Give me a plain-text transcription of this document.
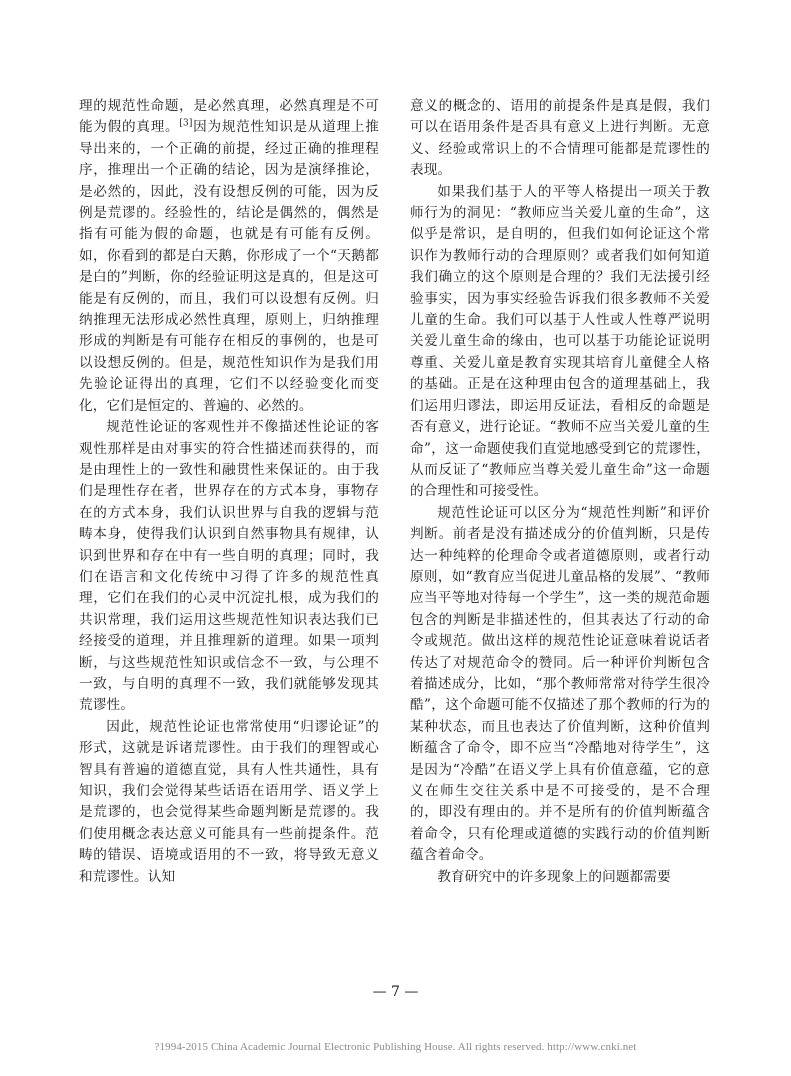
理的规范性命题，是必然真理，必然真理是不可能为假的真理。[3]因为规范性知识是从道理上推导出来的，一个正确的前提，经过正确的推理程序，推理出一个正确的结论，因为是演绎推论，是必然的，因此，没有设想反例的可能，因为反例是荒谬的。经验性的，结论是偶然的，偶然是指有可能为假的命题，也就是有可能有反例。如，你看到的都是白天鹅，你形成了一个“天鹅都是白的”判断，你的经验证明这是真的，但是这可能是有反例的，而且，我们可以设想有反例。归纳推理无法形成必然性真理，原则上，归纳推理形成的判断是有可能存在相反的事例的，也是可以设想反例的。但是，规范性知识作为是我们用先验论证得出的真理，它们不以经验变化而变化，它们是恒定的、普遍的、必然的。

规范性论证的客观性并不像描述性论证的客观性那样是由对事实的符合性描述而获得的，而是由理性上的一致性和融贯性来保证的。由于我们是理性存在者，世界存在的方式本身，事物存在的方式本身，我们认识世界与自我的逻辑与范畴本身，使得我们认识到自然事物具有规律，认识到世界和存在中有一些自明的真理；同时，我们在语言和文化传统中习得了许多的规范性真理，它们在我们的心灵中沉淀扎根，成为我们的共识常理，我们运用这些规范性知识表达我们已经接受的道理，并且推理新的道理。如果一项判断，与这些规范性知识或信念不一致，与公理不一致，与自明的真理不一致，我们就能够发现其荒谬性。

因此，规范性论证也常常使用“归谬论证”的形式，这就是诉诸荒谬性。由于我们的理智或心智具有普遍的道德直觉，具有人性共通性，具有知识，我们会觉得某些话语在语用学、语义学上是荒谬的，也会觉得某些命题判断是荒谬的。我们使用概念表达意义可能具有一些前提条件。范畴的错误、语境或语用的不一致，将导致无意义和荒谬性。认知

意义的概念的、语用的前提条件是真是假，我们可以在语用条件是否具有意义上进行判断。无意义、经验或常识上的不合情理可能都是荒谬性的表现。

如果我们基于人的平等人格提出一项关于教师行为的洞见：“教师应当关爱儿童的生命”，这似乎是常识，是自明的，但我们如何论证这个常识作为教师行动的合理原则？或者我们如何知道我们确立的这个原则是合理的？我们无法援引经验事实，因为事实经验告诉我们很多教师不关爱儿童的生命。我们可以基于人性或人性尊严说明关爱儿童生命的缘由，也可以基于功能论证说明尊重、关爱儿童是教育实现其培育儿童健全人格的基础。正是在这种理由包含的道理基础上，我们运用归谬法，即运用反证法，看相反的命题是否有意义，进行论证。“教师不应当关爱儿童的生命”，这一命题使我们直觉地感受到它的荒谬性，从而反证了“教师应当尊关爱儿童生命”这一命题的合理性和可接受性。

规范性论证可以区分为“规范性判断”和评价判断。前者是没有描述成分的价值判断，只是传达一种纯粹的伦理命令或者道德原则，或者行动原则，如“教育应当促进儿童品格的发展”、“教师应当平等地对待每一个学生”，这一类的规范命题包含的判断是非描述性的，但其表达了行动的命令或规范。做出这样的规范性论证意味着说话者传达了对规范命令的赞同。后一种评价判断包含着描述成分，比如，“那个教师常常对待学生很冷酷”，这个命题可能不仅描述了那个教师的行为的某种状态，而且也表达了价值判断，这种价值判断蕴含了命令，即不应当“冷酷地对待学生”，这是因为“冷酷”在语义学上具有价值意蕴，它的意义在师生交往关系中是不可接受的，是不合理的，即没有理由的。并不是所有的价值判断蕴含着命令，只有伦理或道德的实践行动的价值判断蕴含着命令。

教育研究中的许多现象上的问题都需要

— 7 —
?1994-2015 China Academic Journal Electronic Publishing House. All rights reserved. http://www.cnki.net
